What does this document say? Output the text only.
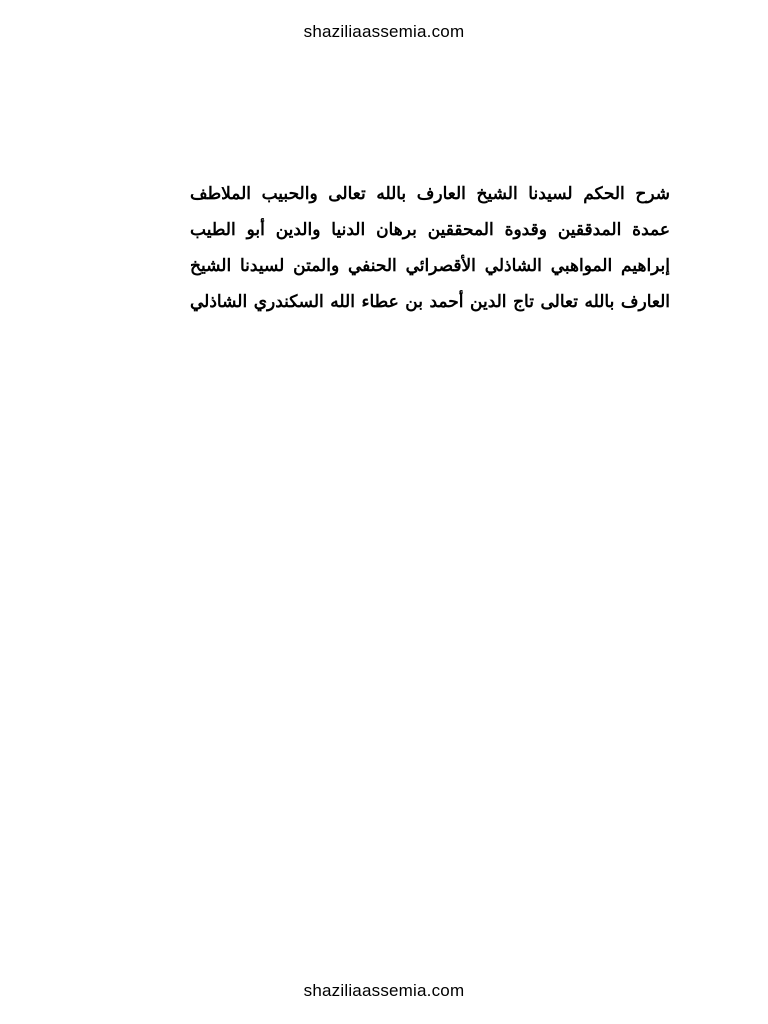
shaziliaassemia.com
شرح الحكم لسيدنا الشيخ العارف بالله تعالى والحبيب الملاطف
عمدة المدققين وقدوة المحققين برهان الدنيا والدين أبو الطيب
إبراهيم المواهبي الشاذلي الأقصرائي الحنفي والمتن لسيدنا الشيخ
العارف بالله تعالى تاج الدين أحمد بن عطاء الله السكندري الشاذلي
shaziliaassemia.com
